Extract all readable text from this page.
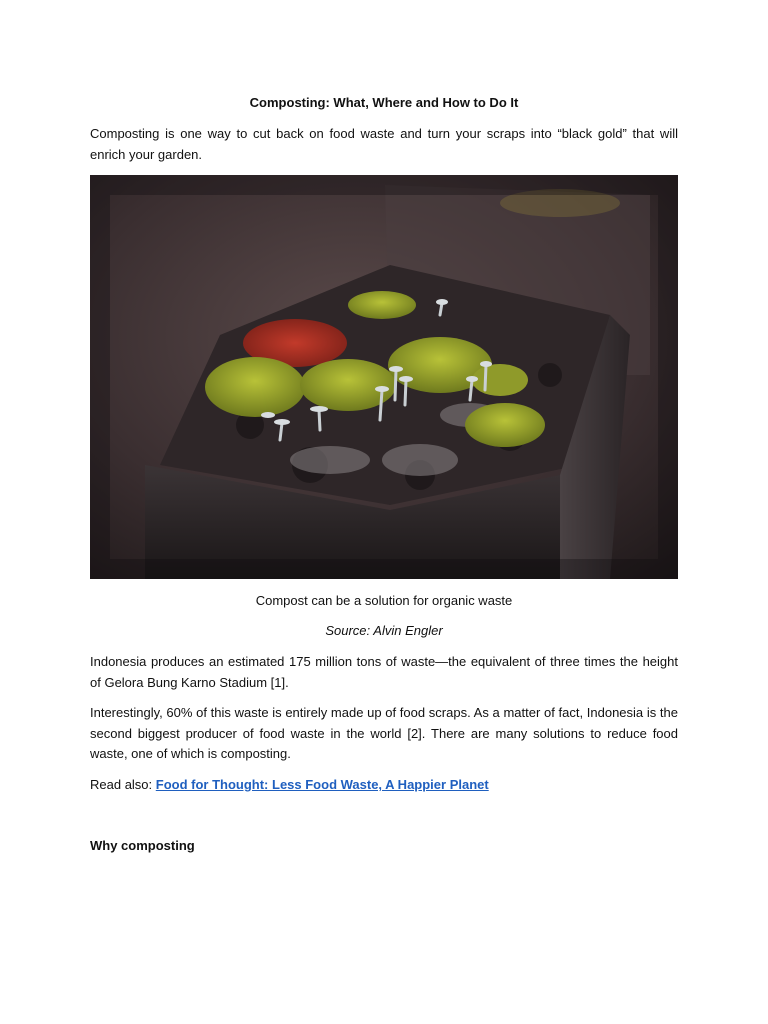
Composting: What, Where and How to Do It
Composting is one way to cut back on food waste and turn your scraps into “black gold” that will enrich your garden.
Compost can be a solution for organic waste
Source: Alvin Engler
Indonesia produces an estimated 175 million tons of waste—the equivalent of three times the height of Gelora Bung Karno Stadium [1].
Interestingly, 60% of this waste is entirely made up of food scraps. As a matter of fact, Indonesia is the second biggest producer of food waste in the world [2]. There are many solutions to reduce food waste, one of which is composting.
Read also: Food for Thought: Less Food Waste, A Happier Planet
Why composting
